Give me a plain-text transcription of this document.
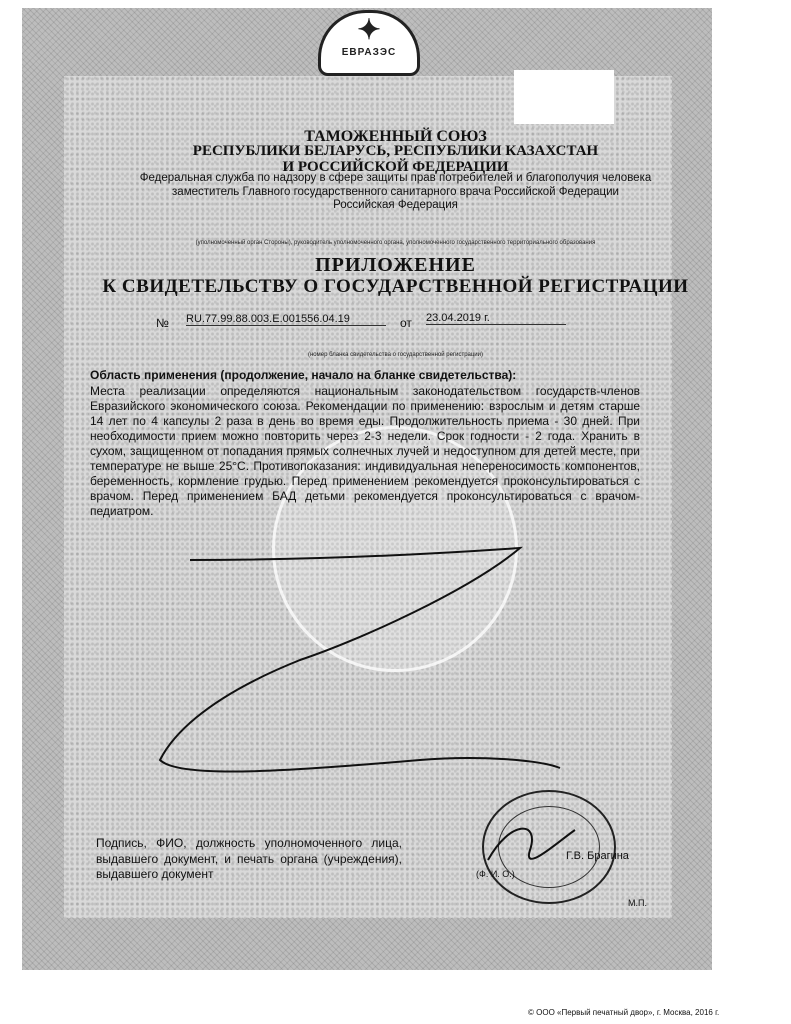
✦
ЕВРАЗЭС
ТАМОЖЕННЫЙ СОЮЗ
РЕСПУБЛИКИ БЕЛАРУСЬ, РЕСПУБЛИКИ КАЗАХСТАН
И РОССИЙСКОЙ ФЕДЕРАЦИИ
Федеральная служба по надзору в сфере защиты прав потребителей и благополучия человека
заместитель Главного государственного санитарного врача Российской Федерации
Российская Федерация
(уполномоченный орган Стороны), руководитель уполномоченного органа, уполномоченного государственного территориального образования
ПРИЛОЖЕНИЕ
К СВИДЕТЕЛЬСТВУ О ГОСУДАРСТВЕННОЙ РЕГИСТРАЦИИ
№ RU.77.99.88.003.E.001556.04.19	от 23.04.2019 г.
(номер бланка свидетельства о государственной регистрации)
Область применения (продолжение, начало на бланке свидетельства):
Места реализации определяются национальным законодательством государств-членов Евразийского экономического союза. Рекомендации по применению: взрослым и детям старше 14 лет по 4 капсулы 2 раза в день во время еды. Продолжительность приема - 30 дней. При необходимости прием можно повторить через 2-3 недели. Срок годности - 2 года. Хранить в сухом, защищенном от попадания прямых солнечных лучей и недоступном для детей месте, при температуре не выше 25°С. Противопоказания: индивидуальная непереносимость компонентов, беременность, кормление грудью. Перед применением рекомендуется проконсультироваться с врачом. Перед применением БАД детьми рекомендуется проконсультироваться с врачом-педиатром.
Подпись, ФИО, должность уполномоченного лица, выдавшего документ, и печать органа (учреждения), выдавшего документ
Г.В. Брагина
(Ф. И. О.)
М.П.
© ООО «Первый печатный двор», г. Москва, 2016 г.
